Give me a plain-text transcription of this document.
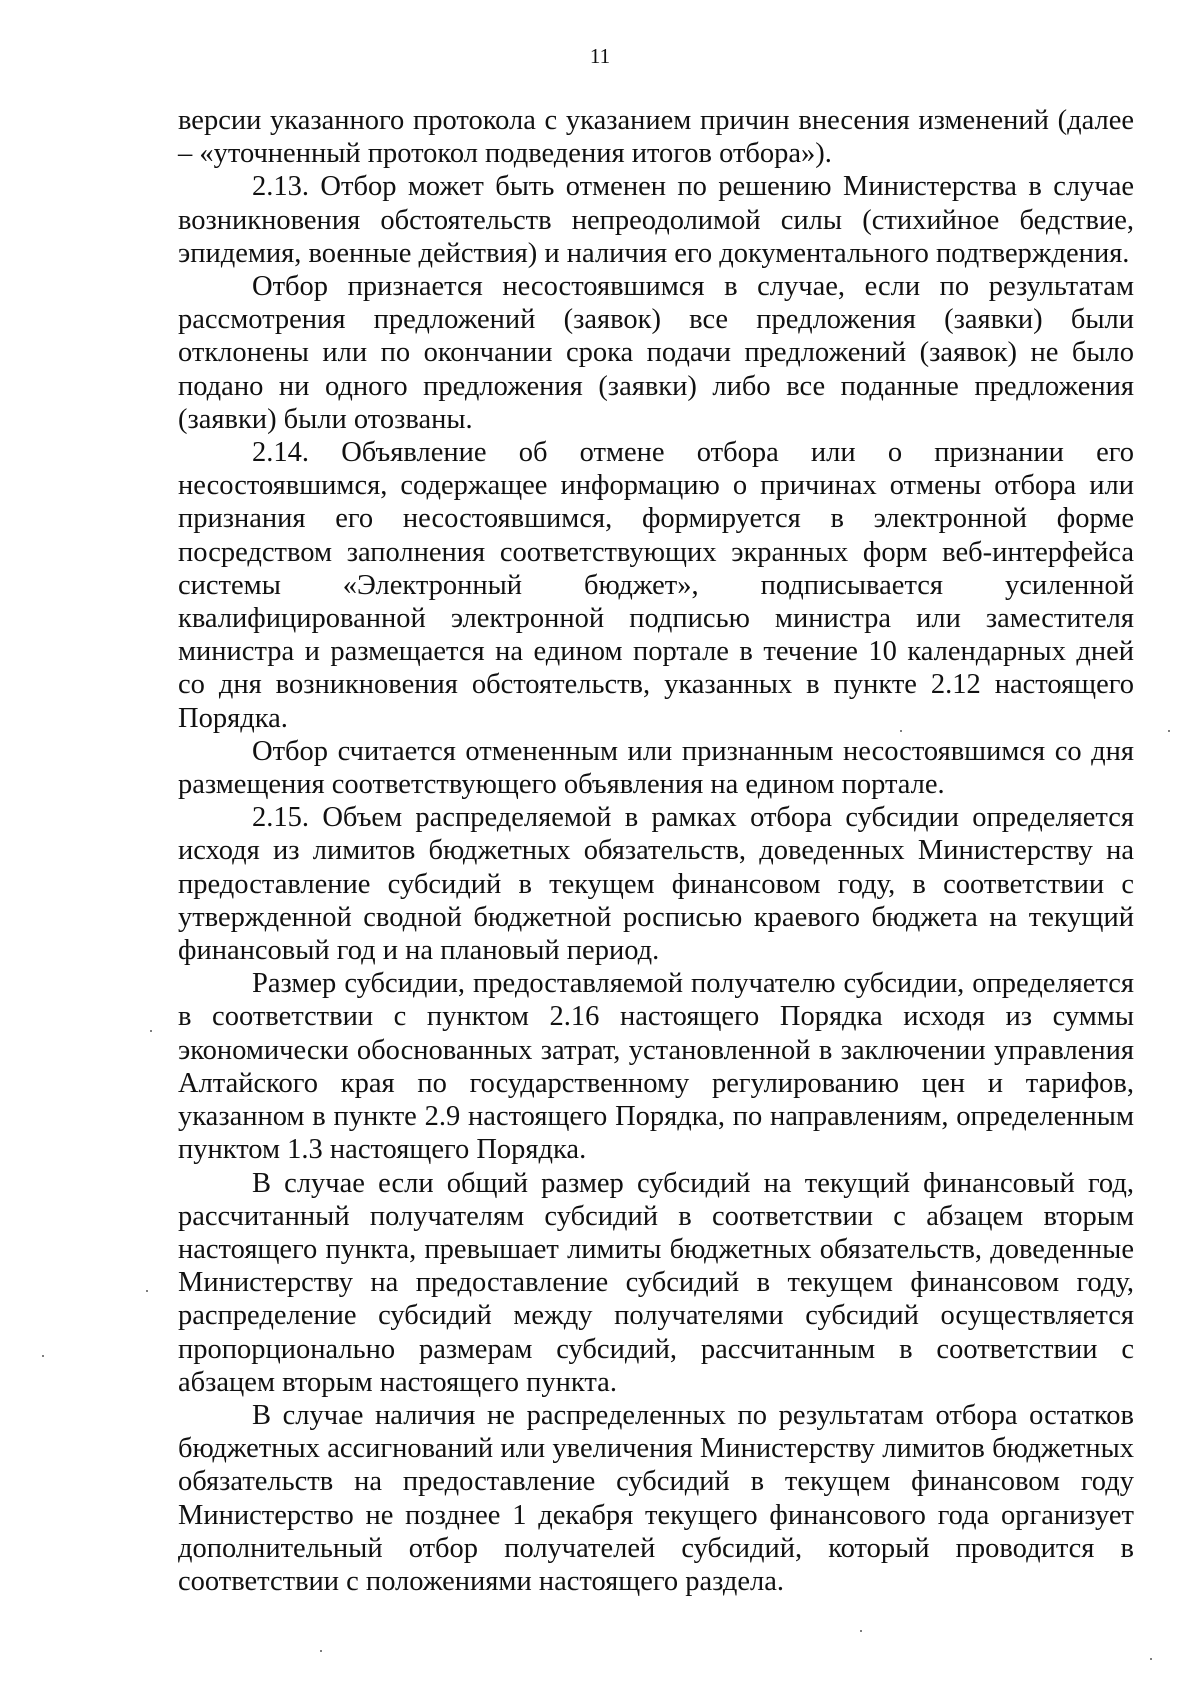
11

версии указанного протокола с указанием причин внесения изменений (далее – «уточненный протокол подведения итогов отбора»).

2.13. Отбор может быть отменен по решению Министерства в случае возникновения обстоятельств непреодолимой силы (стихийное бедствие, эпидемия, военные действия) и наличия его документального подтверждения.

Отбор признается несостоявшимся в случае, если по результатам рассмотрения предложений (заявок) все предложения (заявки) были отклонены или по окончании срока подачи предложений (заявок) не было подано ни одного предложения (заявки) либо все поданные предложения (заявки) были отозваны.

2.14. Объявление об отмене отбора или о признании его несостоявшимся, содержащее информацию о причинах отмены отбора или признания его несостоявшимся, формируется в электронной форме посредством заполнения соответствующих экранных форм веб-интерфейса системы «Электронный бюджет», подписывается усиленной квалифицированной электронной подписью министра или заместителя министра и размещается на едином портале в течение 10 календарных дней со дня возникновения обстоятельств, указанных в пункте 2.12 настоящего Порядка.

Отбор считается отмененным или признанным несостоявшимся со дня размещения соответствующего объявления на едином портале.

2.15. Объем распределяемой в рамках отбора субсидии определяется исходя из лимитов бюджетных обязательств, доведенных Министерству на предоставление субсидий в текущем финансовом году, в соответствии с утвержденной сводной бюджетной росписью краевого бюджета на текущий финансовый год и на плановый период.

Размер субсидии, предоставляемой получателю субсидии, определяется в соответствии с пунктом 2.16 настоящего Порядка исходя из суммы экономически обоснованных затрат, установленной в заключении управления Алтайского края по государственному регулированию цен и тарифов, указанном в пункте 2.9 настоящего Порядка, по направлениям, определенным пунктом 1.3 настоящего Порядка.

В случае если общий размер субсидий на текущий финансовый год, рассчитанный получателям субсидий в соответствии с абзацем вторым настоящего пункта, превышает лимиты бюджетных обязательств, доведенные Министерству на предоставление субсидий в текущем финансовом году, распределение субсидий между получателями субсидий осуществляется пропорционально размерам субсидий, рассчитанным в соответствии с абзацем вторым настоящего пункта.

В случае наличия не распределенных по результатам отбора остатков бюджетных ассигнований или увеличения Министерству лимитов бюджетных обязательств на предоставление субсидий в текущем финансовом году Министерство не позднее 1 декабря текущего финансового года организует дополнительный отбор получателей субсидий, который проводится в соответствии с положениями настоящего раздела.
